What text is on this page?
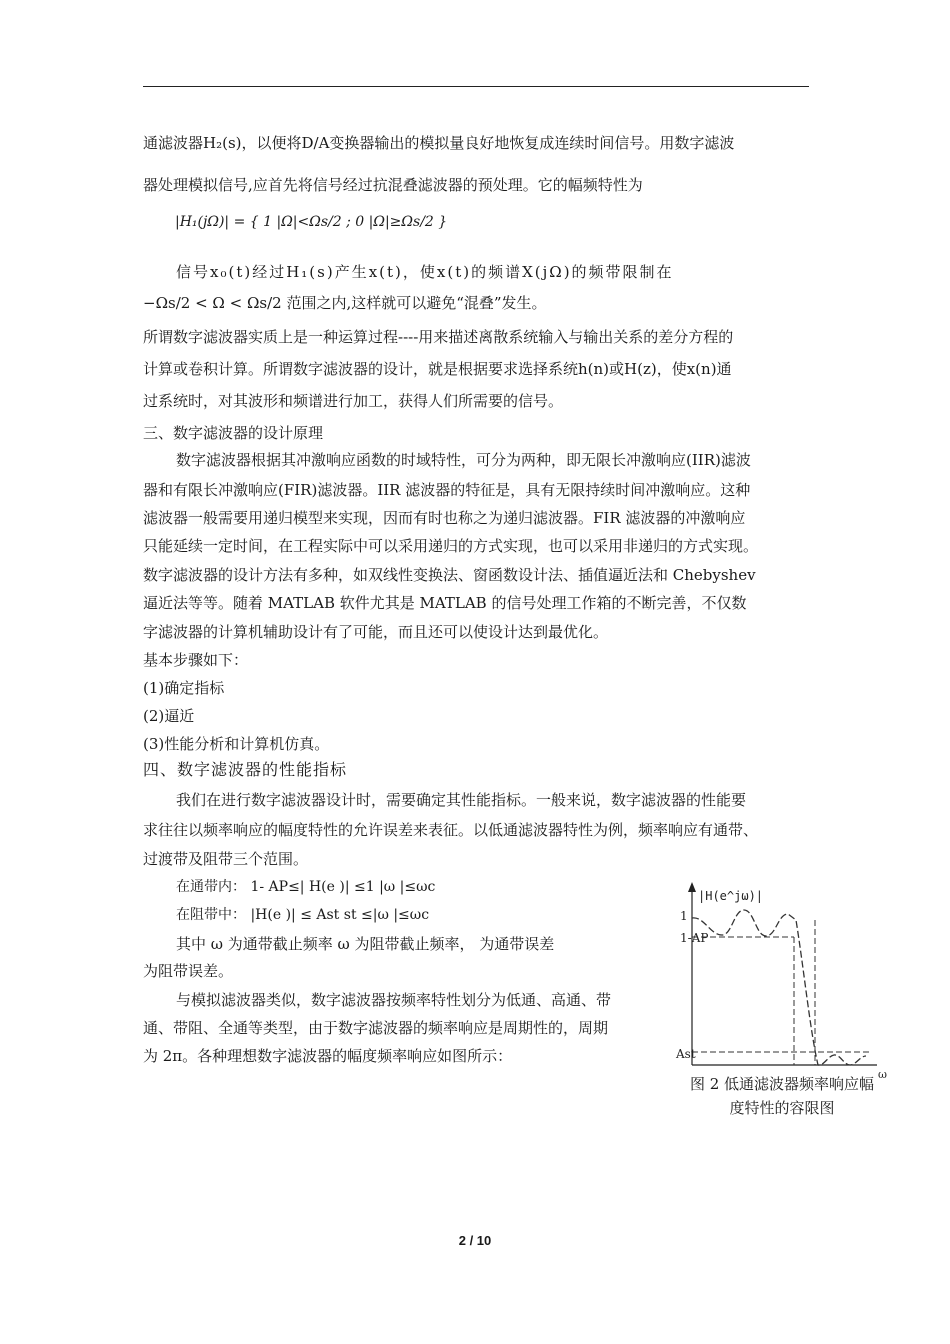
通滤波器H₂(s)，以便将D/A变换器输出的模拟量良好地恢复成连续时间信号。用数字滤波
器处理模拟信号,应首先将信号经过抗混叠滤波器的预处理。它的幅频特性为
|H₁(jΩ)| = { 1 |Ω|<Ωs/2 ; 0 |Ω|≥Ωs/2 }
信号x₀(t)经过H₁(s)产生x(t)，使x(t)的频谱X(jΩ)的频带限制在
−Ωs/2 < Ω < Ωs/2 范围之内,这样就可以避免“混叠”发生。
所谓数字滤波器实质上是一种运算过程----用来描述离散系统输入与输出关系的差分方程的
计算或卷积计算。所谓数字滤波器的设计，就是根据要求选择系统h(n)或H(z)，使x(n)通
过系统时，对其波形和频谱进行加工，获得人们所需要的信号。
三、数字滤波器的设计原理
数字滤波器根据其冲激响应函数的时域特性，可分为两种，即无限长冲激响应(IIR)滤波
器和有限长冲激响应(FIR)滤波器。IIR 滤波器的特征是，具有无限持续时间冲激响应。这种
滤波器一般需要用递归模型来实现，因而有时也称之为递归滤波器。FIR 滤波器的冲激响应
只能延续一定时间，在工程实际中可以采用递归的方式实现，也可以采用非递归的方式实现。
数字滤波器的设计方法有多种，如双线性变换法、窗函数设计法、插值逼近法和 Chebyshev
逼近法等等。随着 MATLAB 软件尤其是 MATLAB 的信号处理工作箱的不断完善，不仅数
字滤波器的计算机辅助设计有了可能，而且还可以使设计达到最优化。
基本步骤如下：
(1)确定指标
(2)逼近
(3)性能分析和计算机仿真。
四、数字滤波器的性能指标
我们在进行数字滤波器设计时，需要确定其性能指标。一般来说，数字滤波器的性能要
求往往以频率响应的幅度特性的允许误差来表征。以低通滤波器特性为例，频率响应有通带、
过渡带及阻带三个范围。
在通带内： 1- AP≤| H(e )| ≤1 |ω |≤ωc
在阻带中： |H(e )| ≤ Ast st ≤|ω |≤ωc
其中 ω 为通带截止频率 ω 为阻带截止频率， 为通带误差
为阻带误差。
与模拟滤波器类似，数字滤波器按频率特性划分为低通、高通、带
通、带阻、全通等类型，由于数字滤波器的频率响应是周期性的，周期
为 2π。各种理想数字滤波器的幅度频率响应如图所示：
|H(e^jω)|
1
1-AP
Ast
ω
图 2 低通滤波器频率响应幅
度特性的容限图
2 / 10
